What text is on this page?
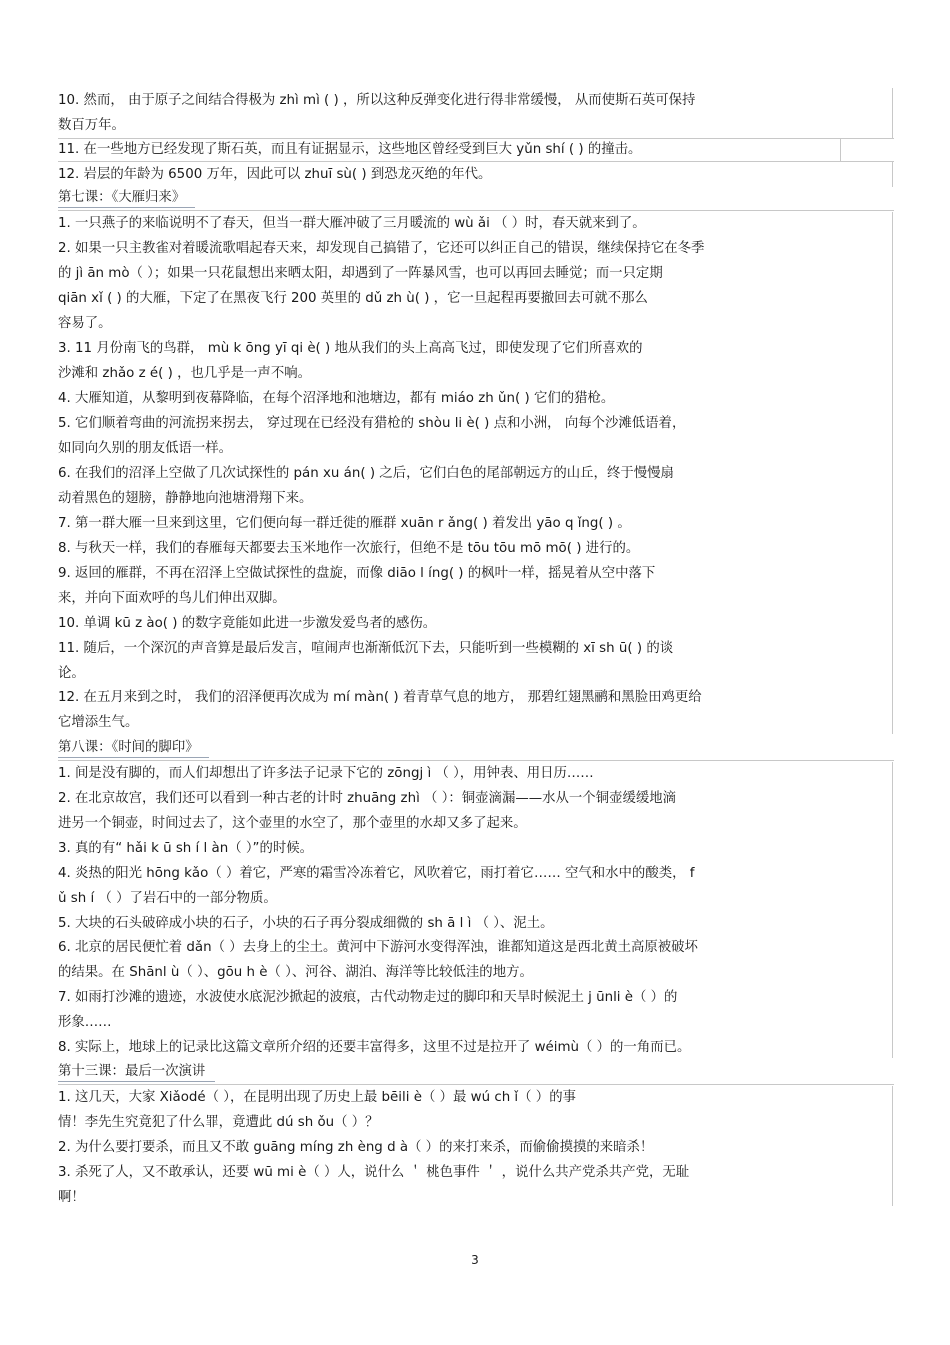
第七课：《大雁归来》
第八课：《时间的脚印》
第十三课：最后一次演讲
10. 然而， 由于原子之间结合得极为 zhì mì ( ) ，所以这种反弹变化进行得非常缓慢， 从而使斯石英可保持
数百万年。
11. 在一些地方已经发现了斯石英，而且有证据显示，这些地区曾经受到巨大 yǔn shí ( ) 的撞击。
12. 岩层的年龄为 6500 万年，因此可以 zhuī sù( ) 到恐龙灭绝的年代。
1. 一只燕子的来临说明不了春天，但当一群大雁冲破了三月暖流的 wù ǎi （ ）时，春天就来到了。
2. 如果一只主教雀对着暖流歌唱起春天来，却发现自己搞错了，它还可以纠正自己的错误，继续保持它在冬季
的 jì ān mò（ ）；如果一只花鼠想出来晒太阳，却遇到了一阵暴风雪，也可以再回去睡觉；而一只定期
qiān xǐ ( ) 的大雁，下定了在黑夜飞行 200 英里的 dǔ zh ù( ) ，它一旦起程再要撤回去可就不那么
容易了。
3. 11 月份南飞的鸟群， mù k ōng yī qi è( ) 地从我们的头上高高飞过，即使发现了它们所喜欢的
沙滩和 zhǎo z é( ) ，也几乎是一声不响。
4. 大雁知道，从黎明到夜幕降临，在每个沼泽地和池塘边，都有 miáo zh ǔn( ) 它们的猎枪。
5. 它们顺着弯曲的河流拐来拐去， 穿过现在已经没有猎枪的 shòu li è( ) 点和小洲， 向每个沙滩低语着，
如同向久别的朋友低语一样。
6. 在我们的沼泽上空做了几次试探性的 pán xu án( ) 之后，它们白色的尾部朝远方的山丘，终于慢慢扇
动着黑色的翅膀，静静地向池塘滑翔下来。
7. 第一群大雁一旦来到这里，它们便向每一群迁徙的雁群 xuān r ǎng( ) 着发出 yāo q ǐng( ) 。
8. 与秋天一样，我们的春雁每天都要去玉米地作一次旅行，但绝不是 tōu tōu mō mō( ) 进行的。
9. 返回的雁群，不再在沼泽上空做试探性的盘旋，而像 diāo l íng( ) 的枫叶一样，摇晃着从空中落下
来，并向下面欢呼的鸟儿们伸出双脚。
10. 单调 kū z ào( ) 的数字竟能如此进一步激发爱鸟者的感伤。
11. 随后，一个深沉的声音算是最后发言，喧闹声也渐渐低沉下去，只能听到一些模糊的 xī sh ū( ) 的谈
论。
12. 在五月来到之时， 我们的沼泽便再次成为 mí màn( ) 着青草气息的地方， 那碧红翅黑鹂和黑脸田鸡更给
它增添生气。
1. 间是没有脚的，而人们却想出了许多法子记录下它的 zōngj ì （ ），用钟表、用日历……
2. 在北京故宫，我们还可以看到一种古老的计时 zhuāng zhì （ ）：铜壶滴漏——水从一个铜壶缓缓地滴
进另一个铜壶，时间过去了，这个壶里的水空了，那个壶里的水却又多了起来。
3. 真的有“ hǎi k ū sh í l àn（ ）”的时候。
4. 炎热的阳光 hōng kǎo（ ）着它，严寒的霜雪冷冻着它，风吹着它，雨打着它…… 空气和水中的酸类， f
ǔ sh í （ ）了岩石中的一部分物质。
5. 大块的石头破碎成小块的石子，小块的石子再分裂成细微的 sh ā l ì （ ）、泥土。
6. 北京的居民便忙着 dǎn（ ）去身上的尘土。黄河中下游河水变得浑浊，谁都知道这是西北黄土高原被破坏
的结果。在 Shānl ù（ ）、gōu h è（ ）、河谷、湖泊、海洋等比较低洼的地方。
7. 如雨打沙滩的遗迹，水波使水底泥沙掀起的波痕，古代动物走过的脚印和天旱时候泥土 j ūnli è（ ）的
形象……
8. 实际上，地球上的记录比这篇文章所介绍的还要丰富得多，这里不过是拉开了 wéimù（ ）的一角而已。
1. 这几天，大家 Xiǎodé（ ），在昆明出现了历史上最 bēili è（ ）最 wú ch ǐ（ ）的事
情！李先生究竟犯了什么罪，竟遭此 dú sh ǒu（ ）？
2. 为什么要打要杀，而且又不敢 guāng míng zh èng d à（ ）的来打来杀，而偷偷摸摸的来暗杀！
3. 杀死了人，又不敢承认，还要 wū mi è（ ）人，说什么 ＇ 桃色事件 ＇ ，说什么共产党杀共产党，无耻
啊！
3
